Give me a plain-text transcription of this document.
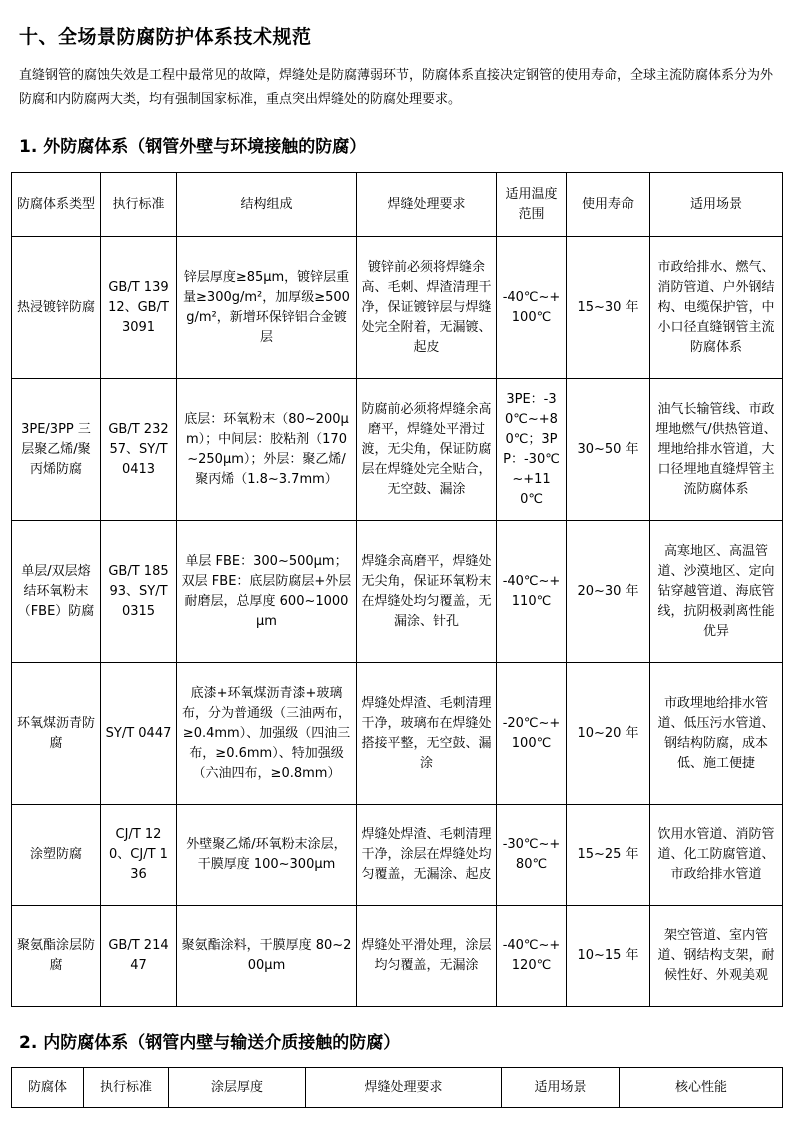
十、全场景防腐防护体系技术规范

直缝钢管的腐蚀失效是工程中最常见的故障，焊缝处是防腐薄弱环节，防腐体系直接决定钢管的使用寿命，全球主流防腐体系分为外防腐和内防腐两大类，均有强制国家标准，重点突出焊缝处的防腐处理要求。

1. 外防腐体系（钢管外壁与环境接触的防腐）
防腐体系类型	执行标准	结构组成	焊缝处理要求	适用温度范围	使用寿命	适用场景
热浸镀锌防腐	GB/T 13912、GB/T 3091	锌层厚度≥85μm，镀锌层重量≥300g/m²，加厚级≥500g/m²，新增环保锌铝合金镀层	镀锌前必须将焊缝余高、毛刺、焊渣清理干净，保证镀锌层与焊缝处完全附着，无漏镀、起皮	-40℃~+100℃	15~30 年	市政给排水、燃气、消防管道、户外钢结构、电缆保护管，中小口径直缝钢管主流防腐体系
3PE/3PP 三层聚乙烯/聚丙烯防腐	GB/T 23257、SY/T 0413	底层：环氧粉末（80~200μm）；中间层：胶粘剂（170~250μm）；外层：聚乙烯/聚丙烯（1.8~3.7mm）	防腐前必须将焊缝余高磨平，焊缝处平滑过渡，无尖角，保证防腐层在焊缝处完全贴合，无空鼓、漏涂	3PE：-30℃~+80℃；3PP：-30℃~+110℃	30~50 年	油气长输管线、市政埋地燃气/供热管道、埋地给排水管道，大口径埋地直缝焊管主流防腐体系
单层/双层熔结环氧粉末（FBE）防腐	GB/T 18593、SY/T 0315	单层 FBE：300~500μm；双层 FBE：底层防腐层+外层耐磨层，总厚度 600~1000μm	焊缝余高磨平，焊缝处无尖角，保证环氧粉末在焊缝处均匀覆盖，无漏涂、针孔	-40℃~+110℃	20~30 年	高寒地区、高温管道、沙漠地区、定向钻穿越管道、海底管线，抗阴极剥离性能优异
环氧煤沥青防腐	SY/T 0447	底漆+环氧煤沥青漆+玻璃布，分为普通级（三油两布，≥0.4mm）、加强级（四油三布，≥0.6mm）、特加强级（六油四布，≥0.8mm）	焊缝处焊渣、毛刺清理干净，玻璃布在焊缝处搭接平整，无空鼓、漏涂	-20℃~+100℃	10~20 年	市政埋地给排水管道、低压污水管道、钢结构防腐，成本低、施工便捷
涂塑防腐	CJ/T 120、CJ/T 136	外壁聚乙烯/环氧粉末涂层，干膜厚度 100~300μm	焊缝处焊渣、毛刺清理干净，涂层在焊缝处均匀覆盖，无漏涂、起皮	-30℃~+80℃	15~25 年	饮用水管道、消防管道、化工防腐管道、市政给排水管道
聚氨酯涂层防腐	GB/T 21447	聚氨酯涂料，干膜厚度 80~200μm	焊缝处平滑处理，涂层均匀覆盖，无漏涂	-40℃~+120℃	10~15 年	架空管道、室内管道、钢结构支架，耐候性好、外观美观
2. 内防腐体系（钢管内壁与输送介质接触的防腐）
防腐体	执行标准	涂层厚度	焊缝处理要求	适用场景	核心性能
